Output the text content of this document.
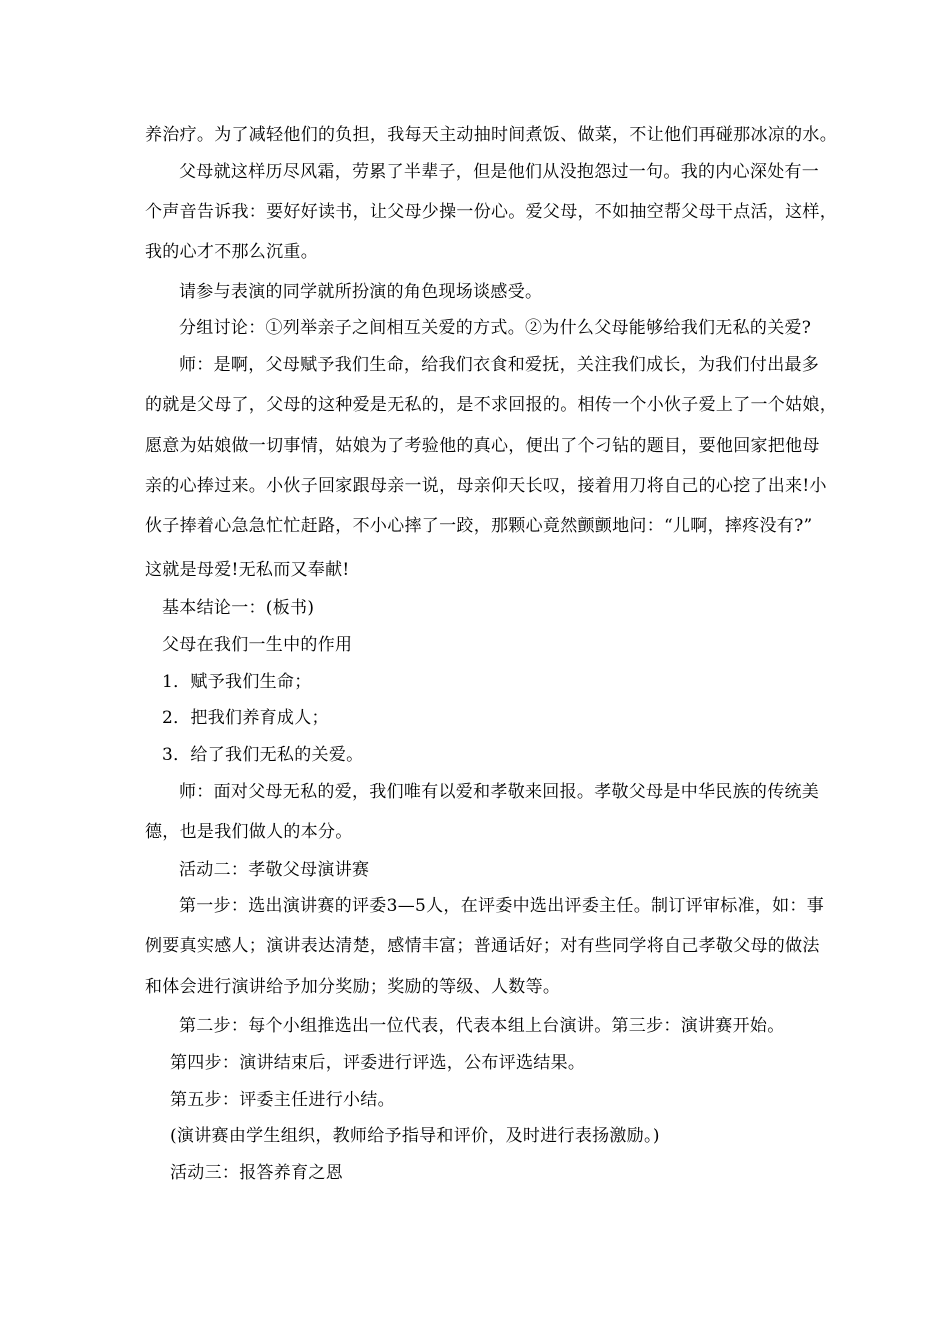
养治疗。为了减轻他们的负担，我每天主动抽时间煮饭、做菜，不让他们再碰那冰凉的水。
父母就这样历尽风霜，劳累了半辈子，但是他们从没抱怨过一句。我的内心深处有一
个声音告诉我：要好好读书，让父母少操一份心。爱父母，不如抽空帮父母干点活，这样，
我的心才不那么沉重。
请参与表演的同学就所扮演的角色现场谈感受。
分组讨论：①列举亲子之间相互关爱的方式。②为什么父母能够给我们无私的关爱?
师：是啊，父母赋予我们生命，给我们衣食和爱抚，关注我们成长，为我们付出最多
的就是父母了，父母的这种爱是无私的，是不求回报的。相传一个小伙子爱上了一个姑娘，
愿意为姑娘做一切事情，姑娘为了考验他的真心，便出了个刁钻的题目，要他回家把他母
亲的心捧过来。小伙子回家跟母亲一说，母亲仰天长叹，接着用刀将自己的心挖了出来!小
伙子捧着心急急忙忙赶路，不小心摔了一跤，那颗心竟然颤颤地问：“儿啊，摔疼没有?”
这就是母爱!无私而又奉献!
基本结论一：(板书)
父母在我们一生中的作用
1．赋予我们生命；
2．把我们养育成人；
3．给了我们无私的关爱。
师：面对父母无私的爱，我们唯有以爱和孝敬来回报。孝敬父母是中华民族的传统美
德，也是我们做人的本分。
活动二：孝敬父母演讲赛
第一步：选出演讲赛的评委3—5人，在评委中选出评委主任。制订评审标准，如：事
例要真实感人；演讲表达清楚，感情丰富；普通话好；对有些同学将自己孝敬父母的做法
和体会进行演讲给予加分奖励；奖励的等级、人数等。
第二步：每个小组推选出一位代表，代表本组上台演讲。第三步：演讲赛开始。
第四步：演讲结束后，评委进行评选，公布评选结果。
第五步：评委主任进行小结。
(演讲赛由学生组织，教师给予指导和评价，及时进行表扬激励。)
活动三：报答养育之恩
